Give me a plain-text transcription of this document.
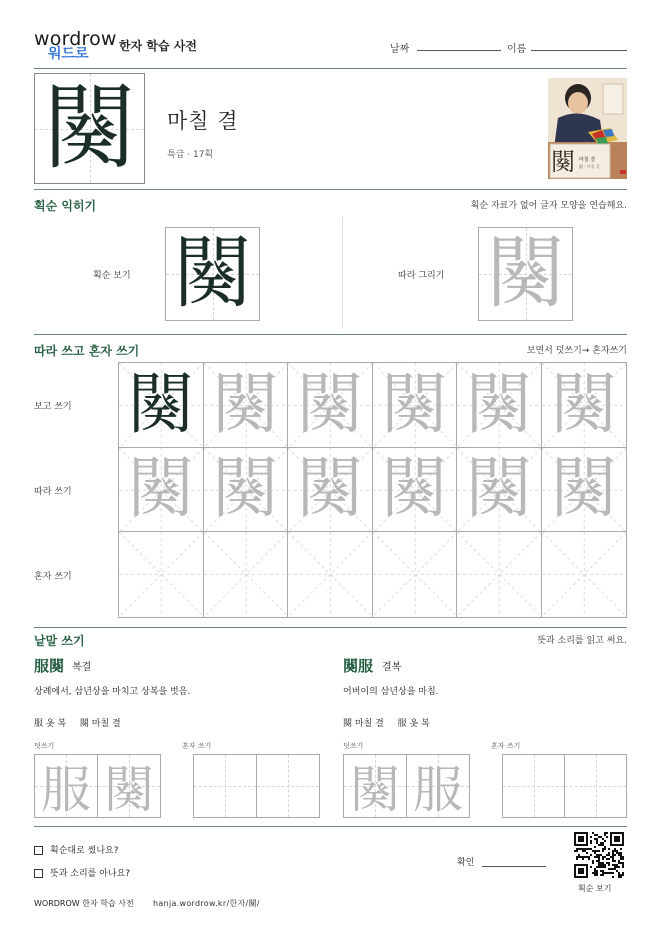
wordrow
워드로	한자 학습 사전	날짜	이름
闋	마칠 결
특급 · 17획	闋 마칠 결
闋 · 마칠 결
획순 익히기	획순 자료가 없어 글자 모양을 연습해요.
획순 보기 闋	따라 그리기 闋
따라 쓰고 혼자 쓰기	보면서 덧쓰기→ 혼자쓰기
보고 쓰기
따라 쓰기
혼자 쓰기
闋 闋 闋 闋 闋 闋
闋 闋 闋 闋 闋 闋
낱말 쓰기	뜻과 소리를 읽고 써요.
服闋 복결
상례에서, 삼년상을 마치고 상복을 벗음.
服 옷 복 闋 마칠 결
덧쓰기	혼자 쓰기
服 闋
闋服 결복
어버이의 삼년상을 마침.
闋 마칠 결 服 옷 복
덧쓰기	혼자 쓰기
闋 服
획순대로 썼나요?
뜻과 소리를 아나요?
확인
획순 보기
WORDROW 한자 학습 사전 hanja.wordrow.kr/한자/闋/
